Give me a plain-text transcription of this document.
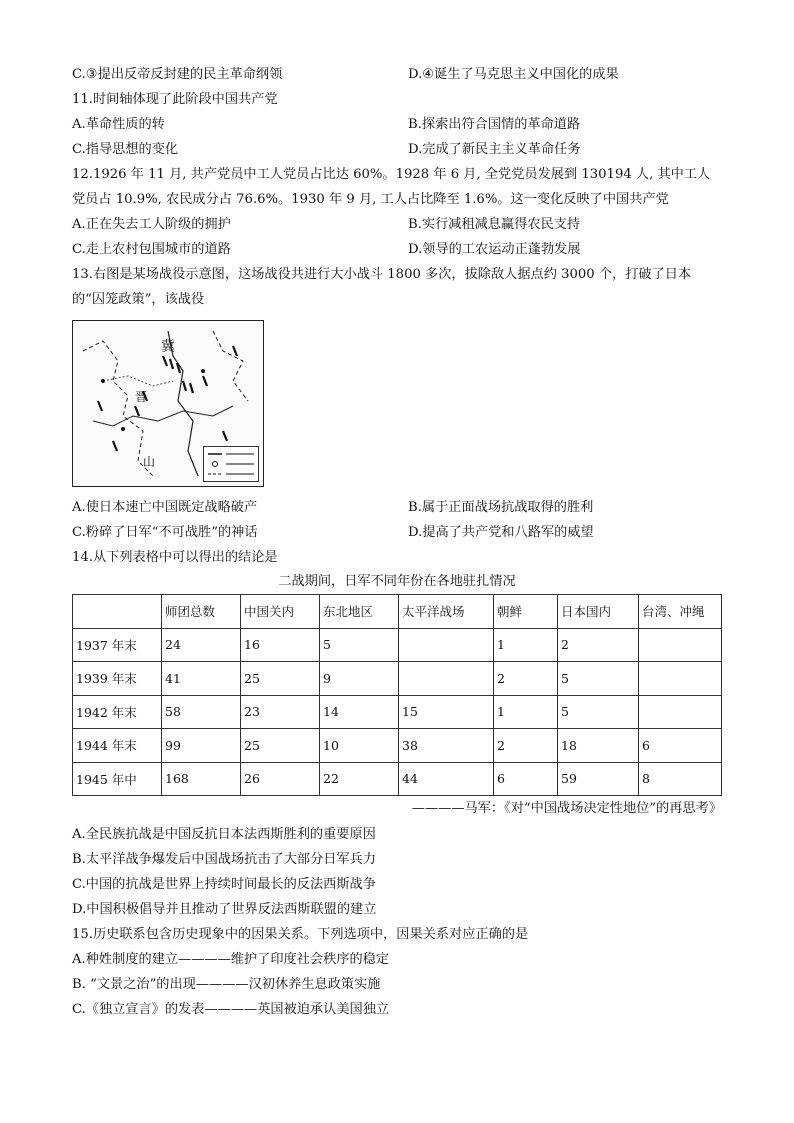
C.③提出反帝反封建的民主革命纲领	D.④诞生了马克思主义中国化的成果
11.时间轴体现了此阶段中国共产党
A.革命性质的转	B.探索出符合国情的革命道路
C.指导思想的变化	D.完成了新民主主义革命任务
12.1926 年 11 月, 共产党员中工人党员占比达 60%。1928 年 6 月, 全党党员发展到 130194 人, 其中工人党员占 10.9%, 农民成分占 76.6%。1930 年 9 月, 工人占比降至 1.6%。这一变化反映了中国共产党
A.正在失去工人阶级的拥护	B.实行减租减息赢得农民支持
C.走上农村包围城市的道路	D.领导的工农运动正蓬勃发展
13.右图是某场战役示意图，这场战役共进行大小战斗 1800 多次，拔除敌人据点约 3000 个，打破了日本的“囚笼政策”，该战役
冀
晋
山
A.使日本速亡中国既定战略破产	B.属于正面战场抗战取得的胜利
C.粉碎了日军“不可战胜”的神话	D.提高了共产党和八路军的威望
14.从下列表格中可以得出的结论是
二战期间，日军不同年份在各地驻扎情况
	师团总数	中国关内	东北地区	太平洋战场	朝鲜	日本国内	台湾、冲绳
1937 年末	24	16	5		1	2	
1939 年末	41	25	9		2	5	
1942 年末	58	23	14	15	1	5	
1944 年末	99	25	10	38	2	18	6
1945 年中	168	26	22	44	6	59	8
————马军：《对“中国战场决定性地位”的再思考》
A.全民族抗战是中国反抗日本法西斯胜利的重要原因
B.太平洋战争爆发后中国战场抗击了大部分日军兵力
C.中国的抗战是世界上持续时间最长的反法西斯战争
D.中国积极倡导并且推动了世界反法西斯联盟的建立
15.历史联系包含历史现象中的因果关系。下列选项中，因果关系对应正确的是
A.种姓制度的建立————维护了印度社会秩序的稳定
B. “文景之治”的出现————汉初休养生息政策实施
C.《独立宣言》的发表————英国被迫承认美国独立
